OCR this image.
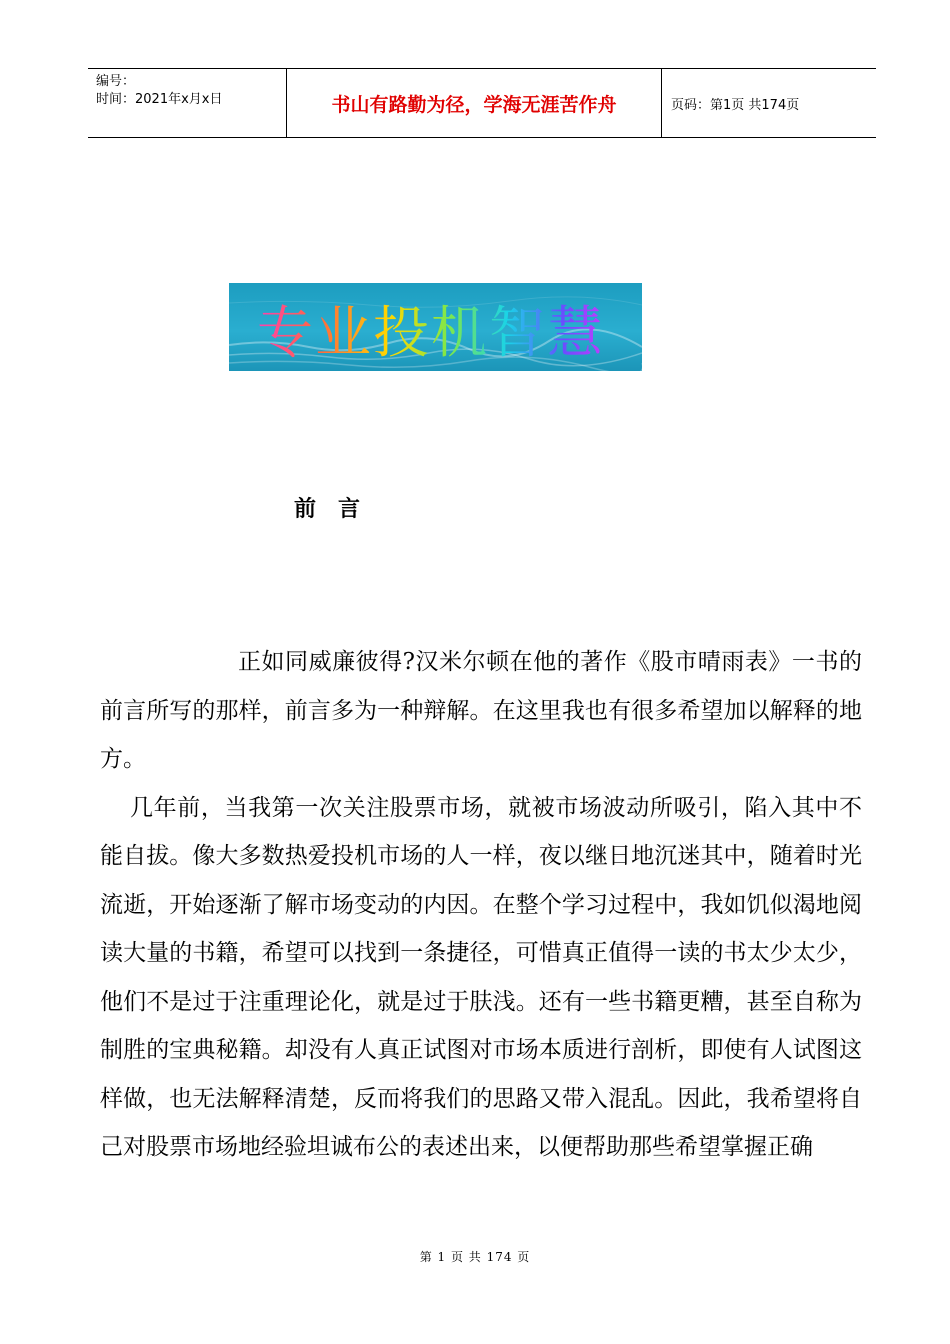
编号：
时间：2021年x月x日	书山有路勤为径，学海无涯苦作舟	页码：第1页 共174页
专业投机智慧
前言

正如同威廉彼得?汉米尔顿在他的著作《股市晴雨表》一书的前言所写的那样，前言多为一种辩解。在这里我也有很多希望加以解释的地方。

几年前，当我第一次关注股票市场，就被市场波动所吸引，陷入其中不能自拔。像大多数热爱投机市场的人一样，夜以继日地沉迷其中，随着时光流逝，开始逐渐了解市场变动的内因。在整个学习过程中，我如饥似渴地阅读大量的书籍，希望可以找到一条捷径，可惜真正值得一读的书太少太少，他们不是过于注重理论化，就是过于肤浅。还有一些书籍更糟，甚至自称为制胜的宝典秘籍。却没有人真正试图对市场本质进行剖析，即使有人试图这样做，也无法解释清楚，反而将我们的思路又带入混乱。因此，我希望将自己对股票市场地经验坦诚布公的表述出来，以便帮助那些希望掌握正确

第 1 页 共 174 页
